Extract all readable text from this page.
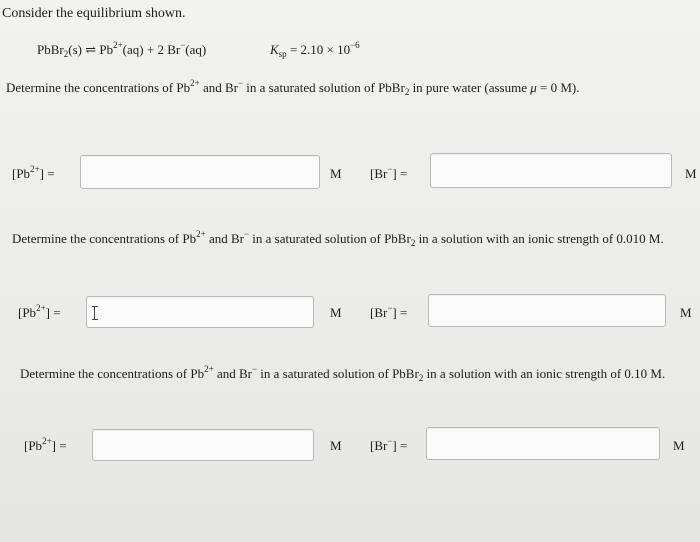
Consider the equilibrium shown.
PbBr$_2$(s) ⇌ $Pb^{2+}(aq) + 2$ Br−(aq)	$K_{sp} = 2.10 \times 10^{-6}$
Determine the concentrations of $Pb^{2+}$ and Br− in a saturated solution of PbBr$_2$ in pure water (assume μ = 0 M).
$[Pb^{2+}]$ =	M [Br−] =	M
Determine the concentrations of $Pb^{2+}$ and Br− in a saturated solution of PbBr$_2$ in a solution with an ionic strength of 0.010 M.
$[Pb^{2+}]$ =	M [Br−] =	M
Determine the concentrations of $Pb^{2+}$ and Br− in a saturated solution of PbBr$_2$ in a solution with an ionic strength of 0.10 M.
$[Pb^{2+}]$ =	M [Br−] =	M
